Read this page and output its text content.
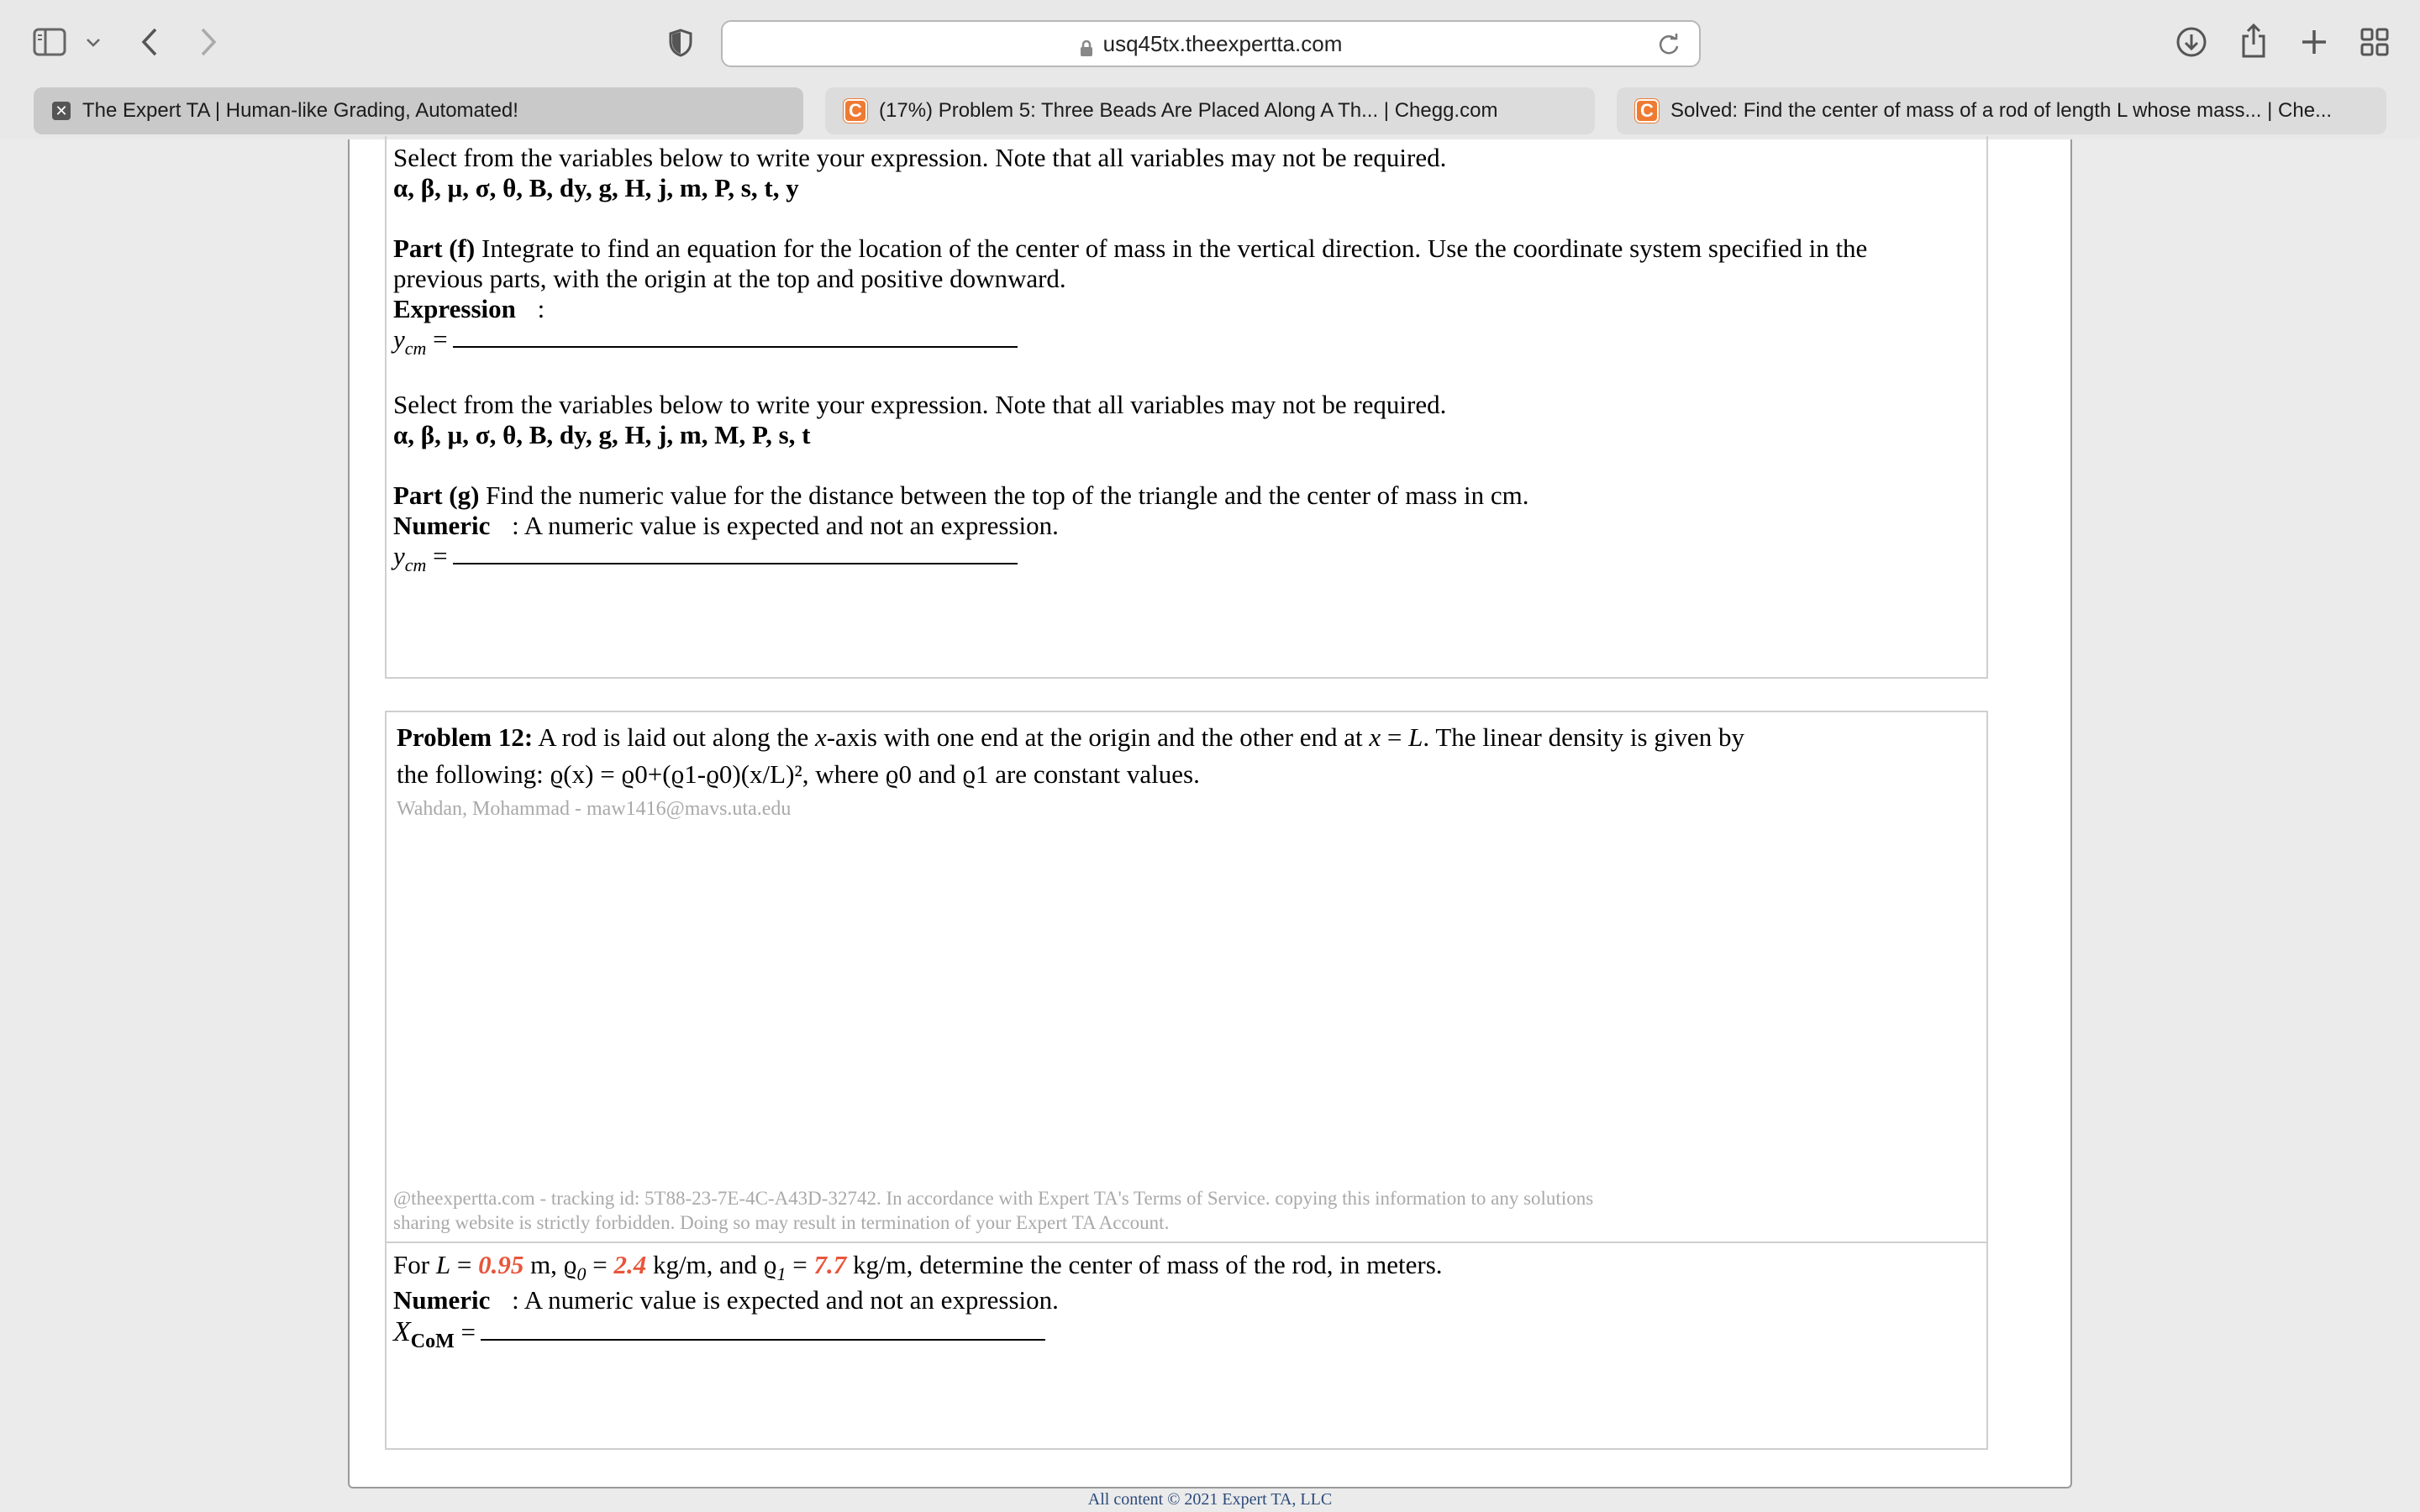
usq45tx.theexpertta.com
✕ The Expert TA | Human-like Grading, Automated!	C (17%) Problem 5: Three Beads Are Placed Along A Th... | Chegg.com	C Solved: Find the center of mass of a rod of length L whose mass... | Che...
Select from the variables below to write your expression. Note that all variables may not be required.
α, β, μ, σ, θ, B, dy, g, H, j, m, P, s, t, y
Part (f) Integrate to find an equation for the location of the center of mass in the vertical direction. Use the coordinate system specified in the
previous parts, with the origin at the top and positive downward.
Expression :
$y_{cm}$ =
Select from the variables below to write your expression. Note that all variables may not be required.
α, β, μ, σ, θ, B, dy, g, H, j, m, M, P, s, t
Part (g) Find the numeric value for the distance between the top of the triangle and the center of mass in cm.
Numeric : A numeric value is expected and not an expression.
$y_{cm}$ =
Problem 12: A rod is laid out along the x-axis with one end at the origin and the other end at x = L. The linear density is given by
the following: ϱ(x) = ϱ0+(ϱ1-ϱ0)(x/L)², where ϱ0 and ϱ1 are constant values.
Wahdan, Mohammad - maw1416@mavs.uta.edu
@theexpertta.com - tracking id: 5T88-23-7E-4C-A43D-32742. In accordance with Expert TA's Terms of Service. copying this information to any solutions
sharing website is strictly forbidden. Doing so may result in termination of your Expert TA Account.
For L = 0.95 m, $ϱ_0 = 2.4$ kg/m, and $ϱ_1 = 7.7$ kg/m, determine the center of mass of the rod, in meters.
Numeric : A numeric value is expected and not an expression.
$X_{CoM}$ =
All content © 2021 Expert TA, LLC
